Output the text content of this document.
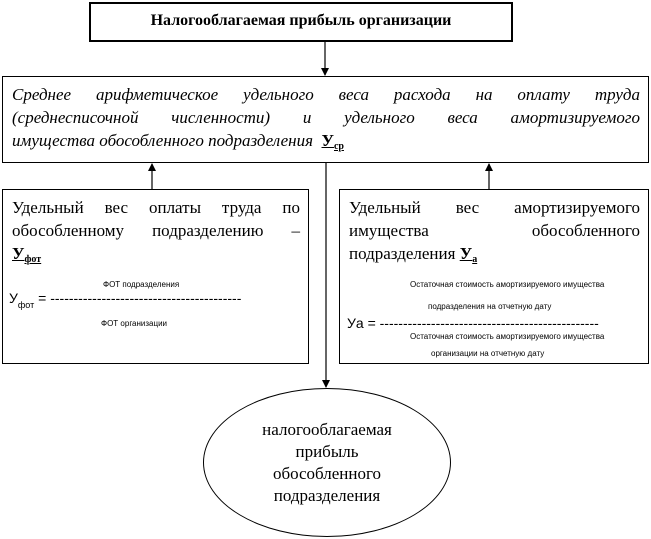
Налогооблагаемая прибыль организации
Среднее арифметическое удельного веса расхода на оплату труда
(среднесписочной численности) и удельного веса амортизируемого
имущества обособленного подразделения $У_{ср}$
Удельный вес оплаты труда по
обособленному подразделению –
$У_{фот}$
ФОТ подразделения
$У_{фот}$ = -----------------------------------------
ФОТ организации
Удельный вес амортизируемого
имущества обособленного
подразделения $У_а$
Остаточная стоимость амортизируемого имущества
подразделения на отчетную дату
Уа = -----------------------------------------------
Остаточная стоимость амортизируемого имущества
организации на отчетную дату
налогооблагаемая
прибыль
обособленного
подразделения
